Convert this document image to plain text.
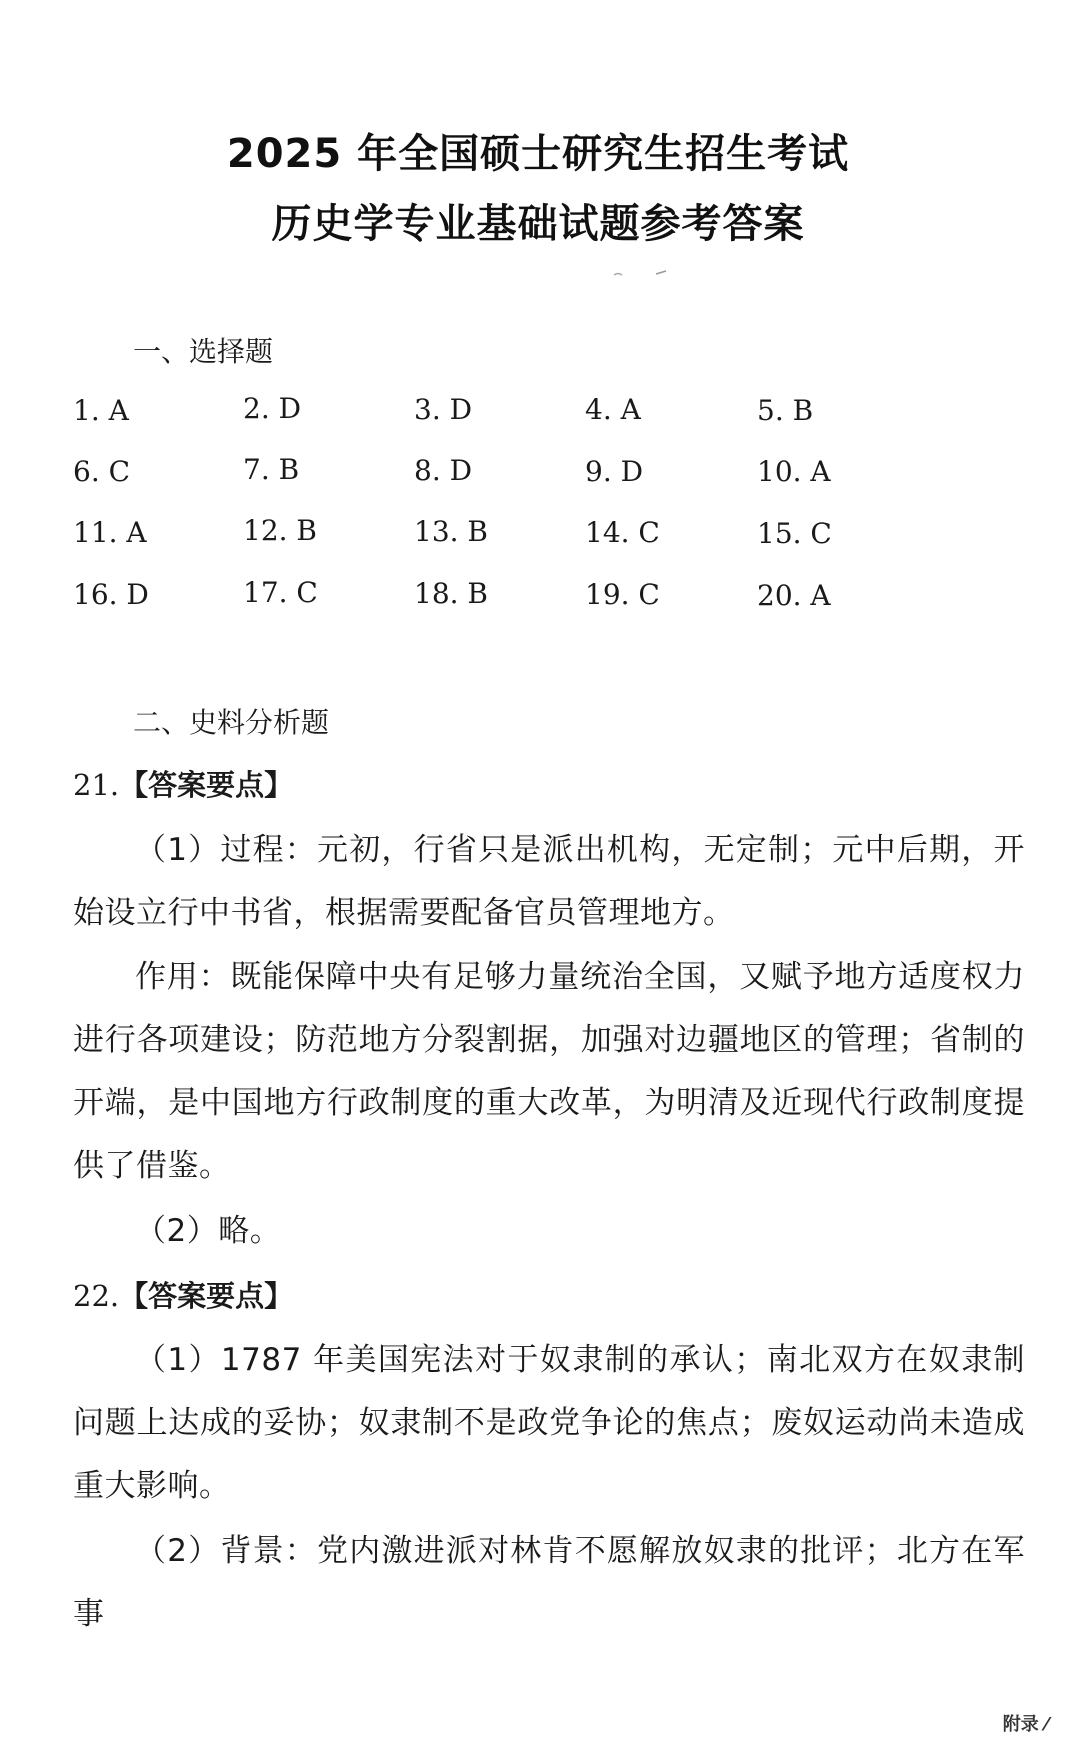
2025 年全国硕士研究生招生考试
历史学专业基础试题参考答案
一、选择题
1. A	2. D	3. D	4. A	5. B
6. C	7. B	8. D	9. D	10. A
11. A	12. B	13. B	14. C	15. C
16. D	17. C	18. B	19. C	20. A
二、史料分析题
21.【答案要点】
（1）过程：元初，行省只是派出机构，无定制；元中后期，开始设立行中书省，根据需要配备官员管理地方。
作用：既能保障中央有足够力量统治全国，又赋予地方适度权力进行各项建设；防范地方分裂割据，加强对边疆地区的管理；省制的开端，是中国地方行政制度的重大改革，为明清及近现代行政制度提供了借鉴。
（2）略。
22.【答案要点】
（1）1787 年美国宪法对于奴隶制的承认；南北双方在奴隶制问题上达成的妥协；奴隶制不是政党争论的焦点；废奴运动尚未造成重大影响。
（2）背景：党内激进派对林肯不愿解放奴隶的批评；北方在军事
附录 ⁄
